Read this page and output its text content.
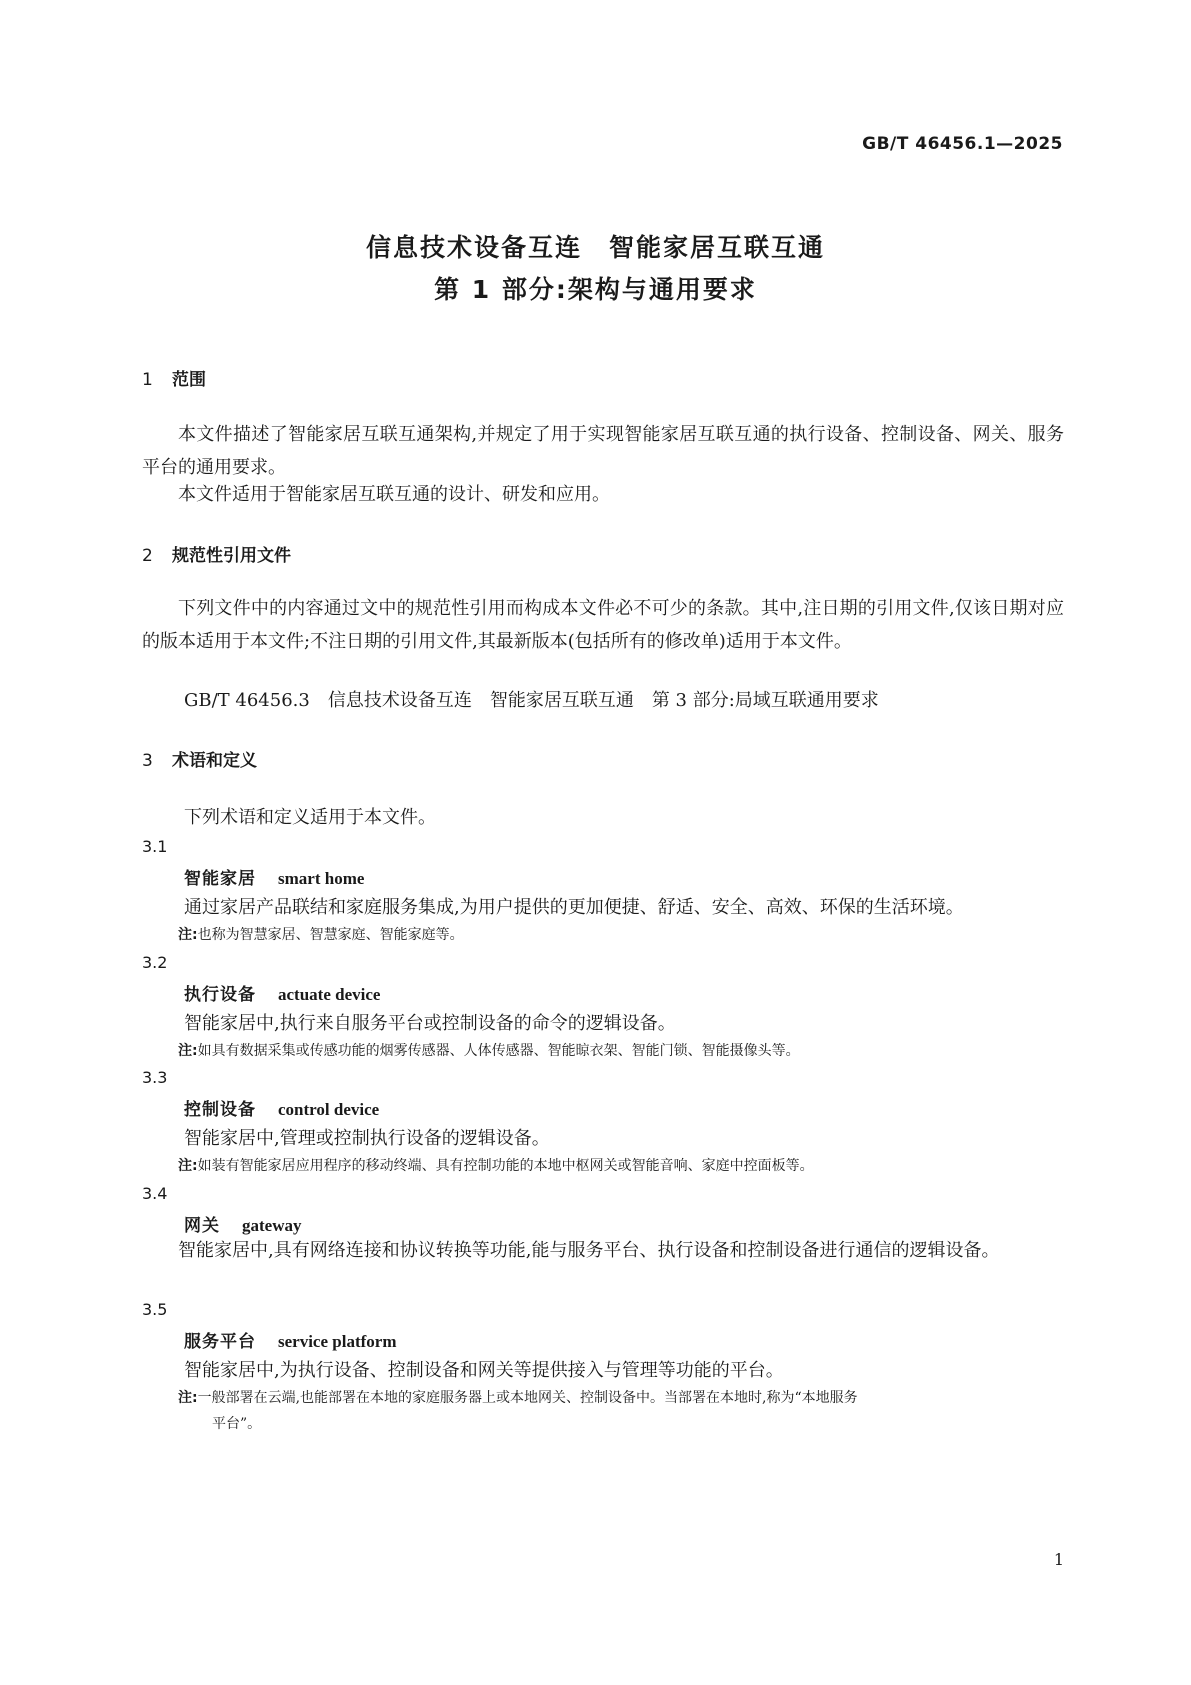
GB/T 46456.1—2025
信息技术设备互连　智能家居互联互通
第 1 部分:架构与通用要求
1 范围

本文件描述了智能家居互联互通架构,并规定了用于实现智能家居互联互通的执行设备、控制设备、网关、服务平台的通用要求。

本文件适用于智能家居互联互通的设计、研发和应用。

2 规范性引用文件

下列文件中的内容通过文中的规范性引用而构成本文件必不可少的条款。其中,注日期的引用文件,仅该日期对应的版本适用于本文件;不注日期的引用文件,其最新版本(包括所有的修改单)适用于本文件。

GB/T 46456.3　信息技术设备互连　智能家居互联互通　第 3 部分:局域互联通用要求
3 术语和定义
下列术语和定义适用于本文件。
3.1
智能家居 smart home
通过家居产品联结和家庭服务集成,为用户提供的更加便捷、舒适、安全、高效、环保的生活环境。

注:也称为智慧家居、智慧家庭、智能家庭等。

3.2
执行设备 actuate device
智能家居中,执行来自服务平台或控制设备的命令的逻辑设备。

注:如具有数据采集或传感功能的烟雾传感器、人体传感器、智能晾衣架、智能门锁、智能摄像头等。

3.3
控制设备 control device
智能家居中,管理或控制执行设备的逻辑设备。

注:如装有智能家居应用程序的移动终端、具有控制功能的本地中枢网关或智能音响、家庭中控面板等。

3.4
网关 gateway

智能家居中,具有网络连接和协议转换等功能,能与服务平台、执行设备和控制设备进行通信的逻辑设备。

3.5
服务平台 service platform
智能家居中,为执行设备、控制设备和网关等提供接入与管理等功能的平台。

注:一般部署在云端,也能部署在本地的家庭服务器上或本地网关、控制设备中。当部署在本地时,称为“本地服务
平台”。

1
